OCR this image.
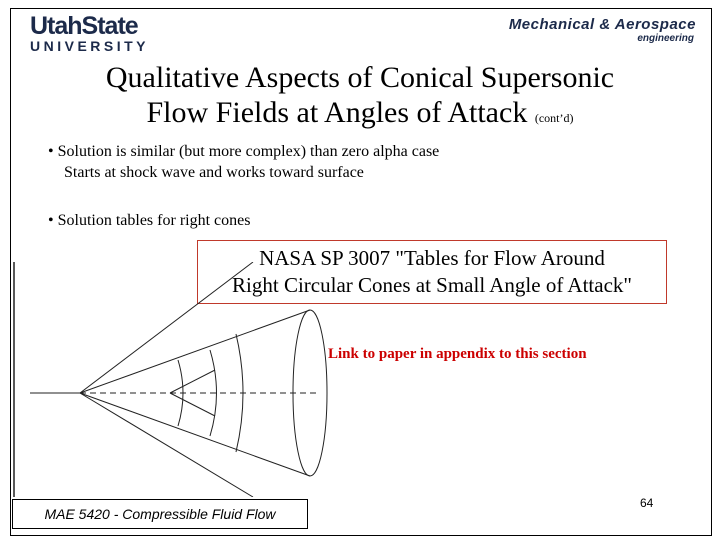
UtahState
UNIVERSITY
Mechanical & Aerospace
engineering
Qualitative Aspects of Conical Supersonic
Flow Fields at Angles of Attack (cont’d)
• Solution is similar (but more complex) than zero alpha case
Starts at shock wave and works toward surface
• Solution tables for right cones
NASA SP 3007 "Tables for Flow Around
Right Circular Cones at Small Angle of Attack"
Link to paper in appendix to this section
MAE 5420 - Compressible Fluid Flow
64
